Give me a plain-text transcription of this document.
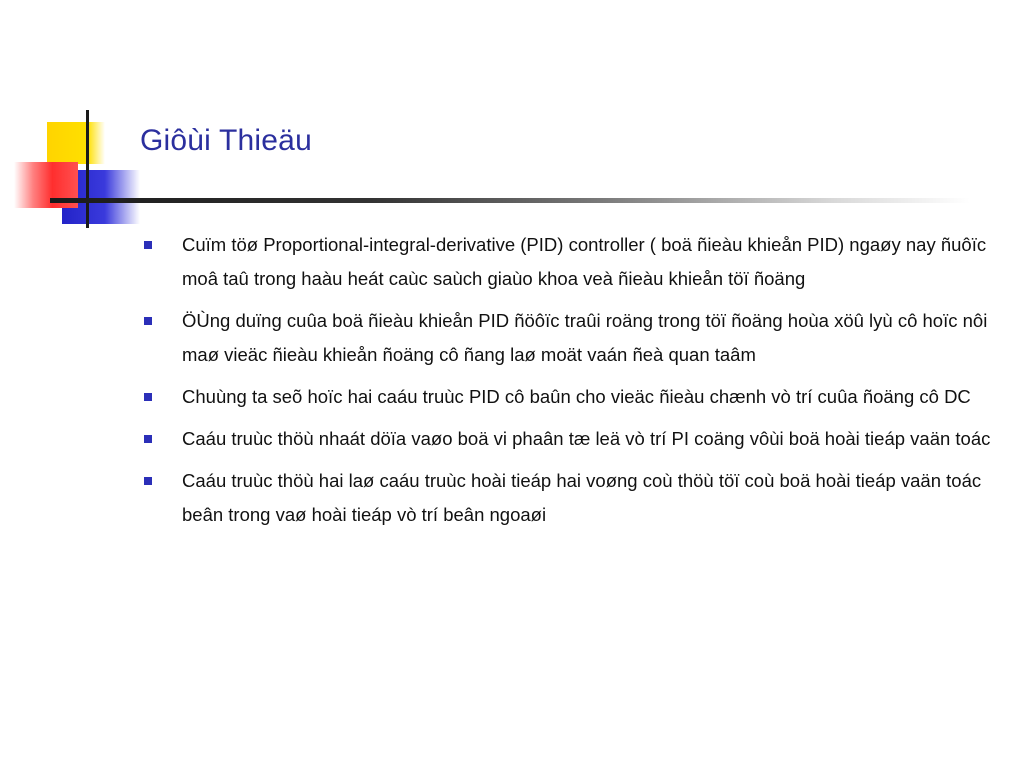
Giôùi Thieäu
Cuïm töø Proportional-integral-derivative (PID) controller ( boä ñieàu khieån PID) ngaøy nay ñuôïc moâ taû trong haàu heát caùc saùch giaùo khoa veà ñieàu khieån töï ñoäng
ÖÙng duïng cuûa boä ñieàu khieån PID ñöôïc traûi roäng trong töï ñoäng hoùa xöû lyù cô hoïc nôi maø vieäc ñieàu khieån ñoäng cô ñang laø moät vaán ñeà quan taâm
Chuùng ta seõ hoïc hai caáu truùc PID cô baûn cho vieäc ñieàu chænh vò trí cuûa ñoäng cô DC
Caáu truùc thöù nhaát döïa vaøo boä vi phaân tæ leä vò trí PI coäng vôùi boä hoài tieáp vaän toác
Caáu truùc thöù hai laø caáu truùc hoài tieáp hai voøng coù thöù töï coù boä hoài tieáp vaän toác beân trong vaø hoài tieáp vò trí beân ngoaøi
